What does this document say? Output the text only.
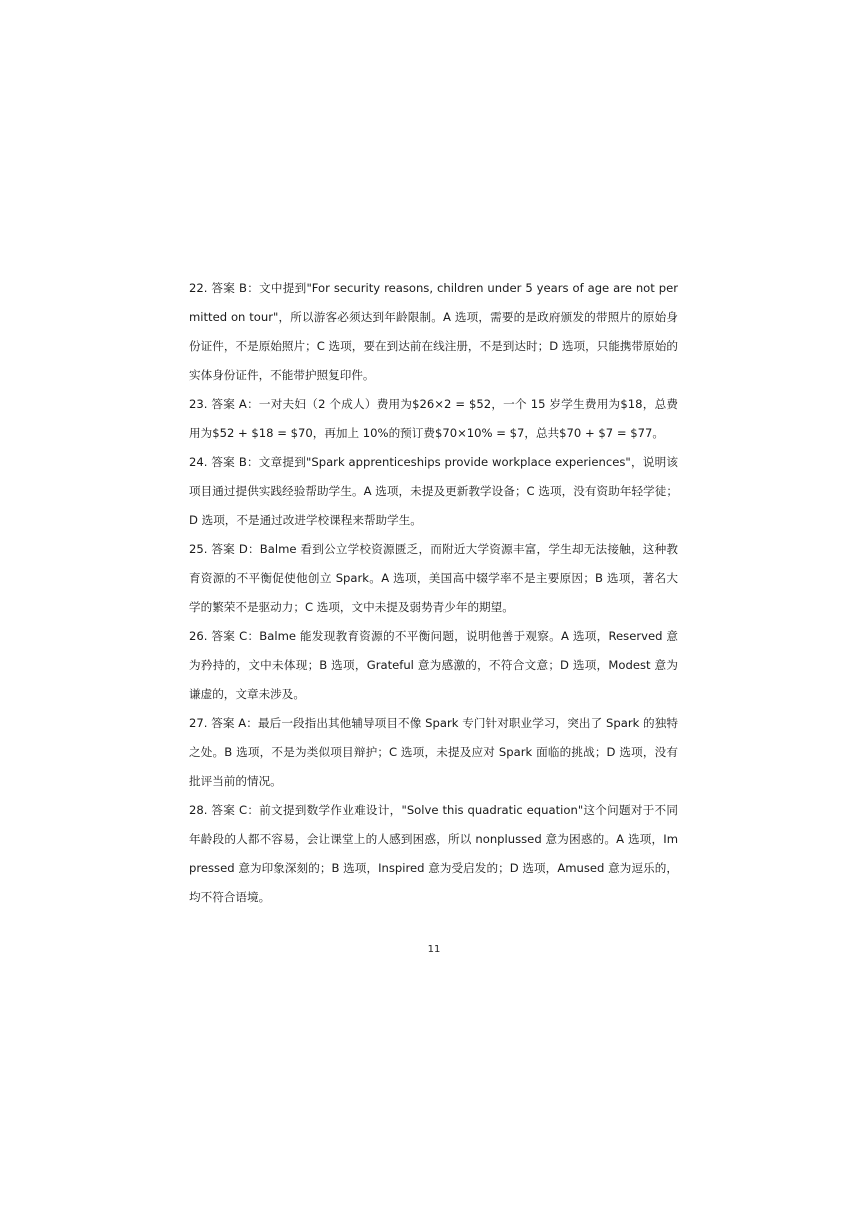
22. 答案 B：文中提到"For security reasons, children under 5 years of age are not permitted on tour"，所以游客必须达到年龄限制。A 选项，需要的是政府颁发的带照片的原始身份证件，不是原始照片；C 选项，要在到达前在线注册，不是到达时；D 选项，只能携带原始的实体身份证件，不能带护照复印件。

23. 答案 A：一对夫妇（2 个成人）费用为$26×2 = $52，一个 15 岁学生费用为$18，总费用为$52 + $18 = $70，再加上 10%的预订费$70×10% = $7，总共$70 + $7 = $77。

24. 答案 B：文章提到"Spark apprenticeships provide workplace experiences"，说明该项目通过提供实践经验帮助学生。A 选项，未提及更新教学设备；C 选项，没有资助年轻学徒；D 选项，不是通过改进学校课程来帮助学生。

25. 答案 D：Balme 看到公立学校资源匮乏，而附近大学资源丰富，学生却无法接触，这种教育资源的不平衡促使他创立 Spark。A 选项，美国高中辍学率不是主要原因；B 选项，著名大学的繁荣不是驱动力；C 选项，文中未提及弱势青少年的期望。

26. 答案 C：Balme 能发现教育资源的不平衡问题，说明他善于观察。A 选项，Reserved 意为矜持的，文中未体现；B 选项，Grateful 意为感激的，不符合文意；D 选项，Modest 意为谦虚的，文章未涉及。

27. 答案 A：最后一段指出其他辅导项目不像 Spark 专门针对职业学习，突出了 Spark 的独特之处。B 选项，不是为类似项目辩护；C 选项，未提及应对 Spark 面临的挑战；D 选项，没有批评当前的情况。

28. 答案 C：前文提到数学作业难设计，"Solve this quadratic equation"这个问题对于不同年龄段的人都不容易，会让课堂上的人感到困惑，所以 nonplussed 意为困惑的。A 选项，Impressed 意为印象深刻的；B 选项，Inspired 意为受启发的；D 选项，Amused 意为逗乐的，均不符合语境。

11
